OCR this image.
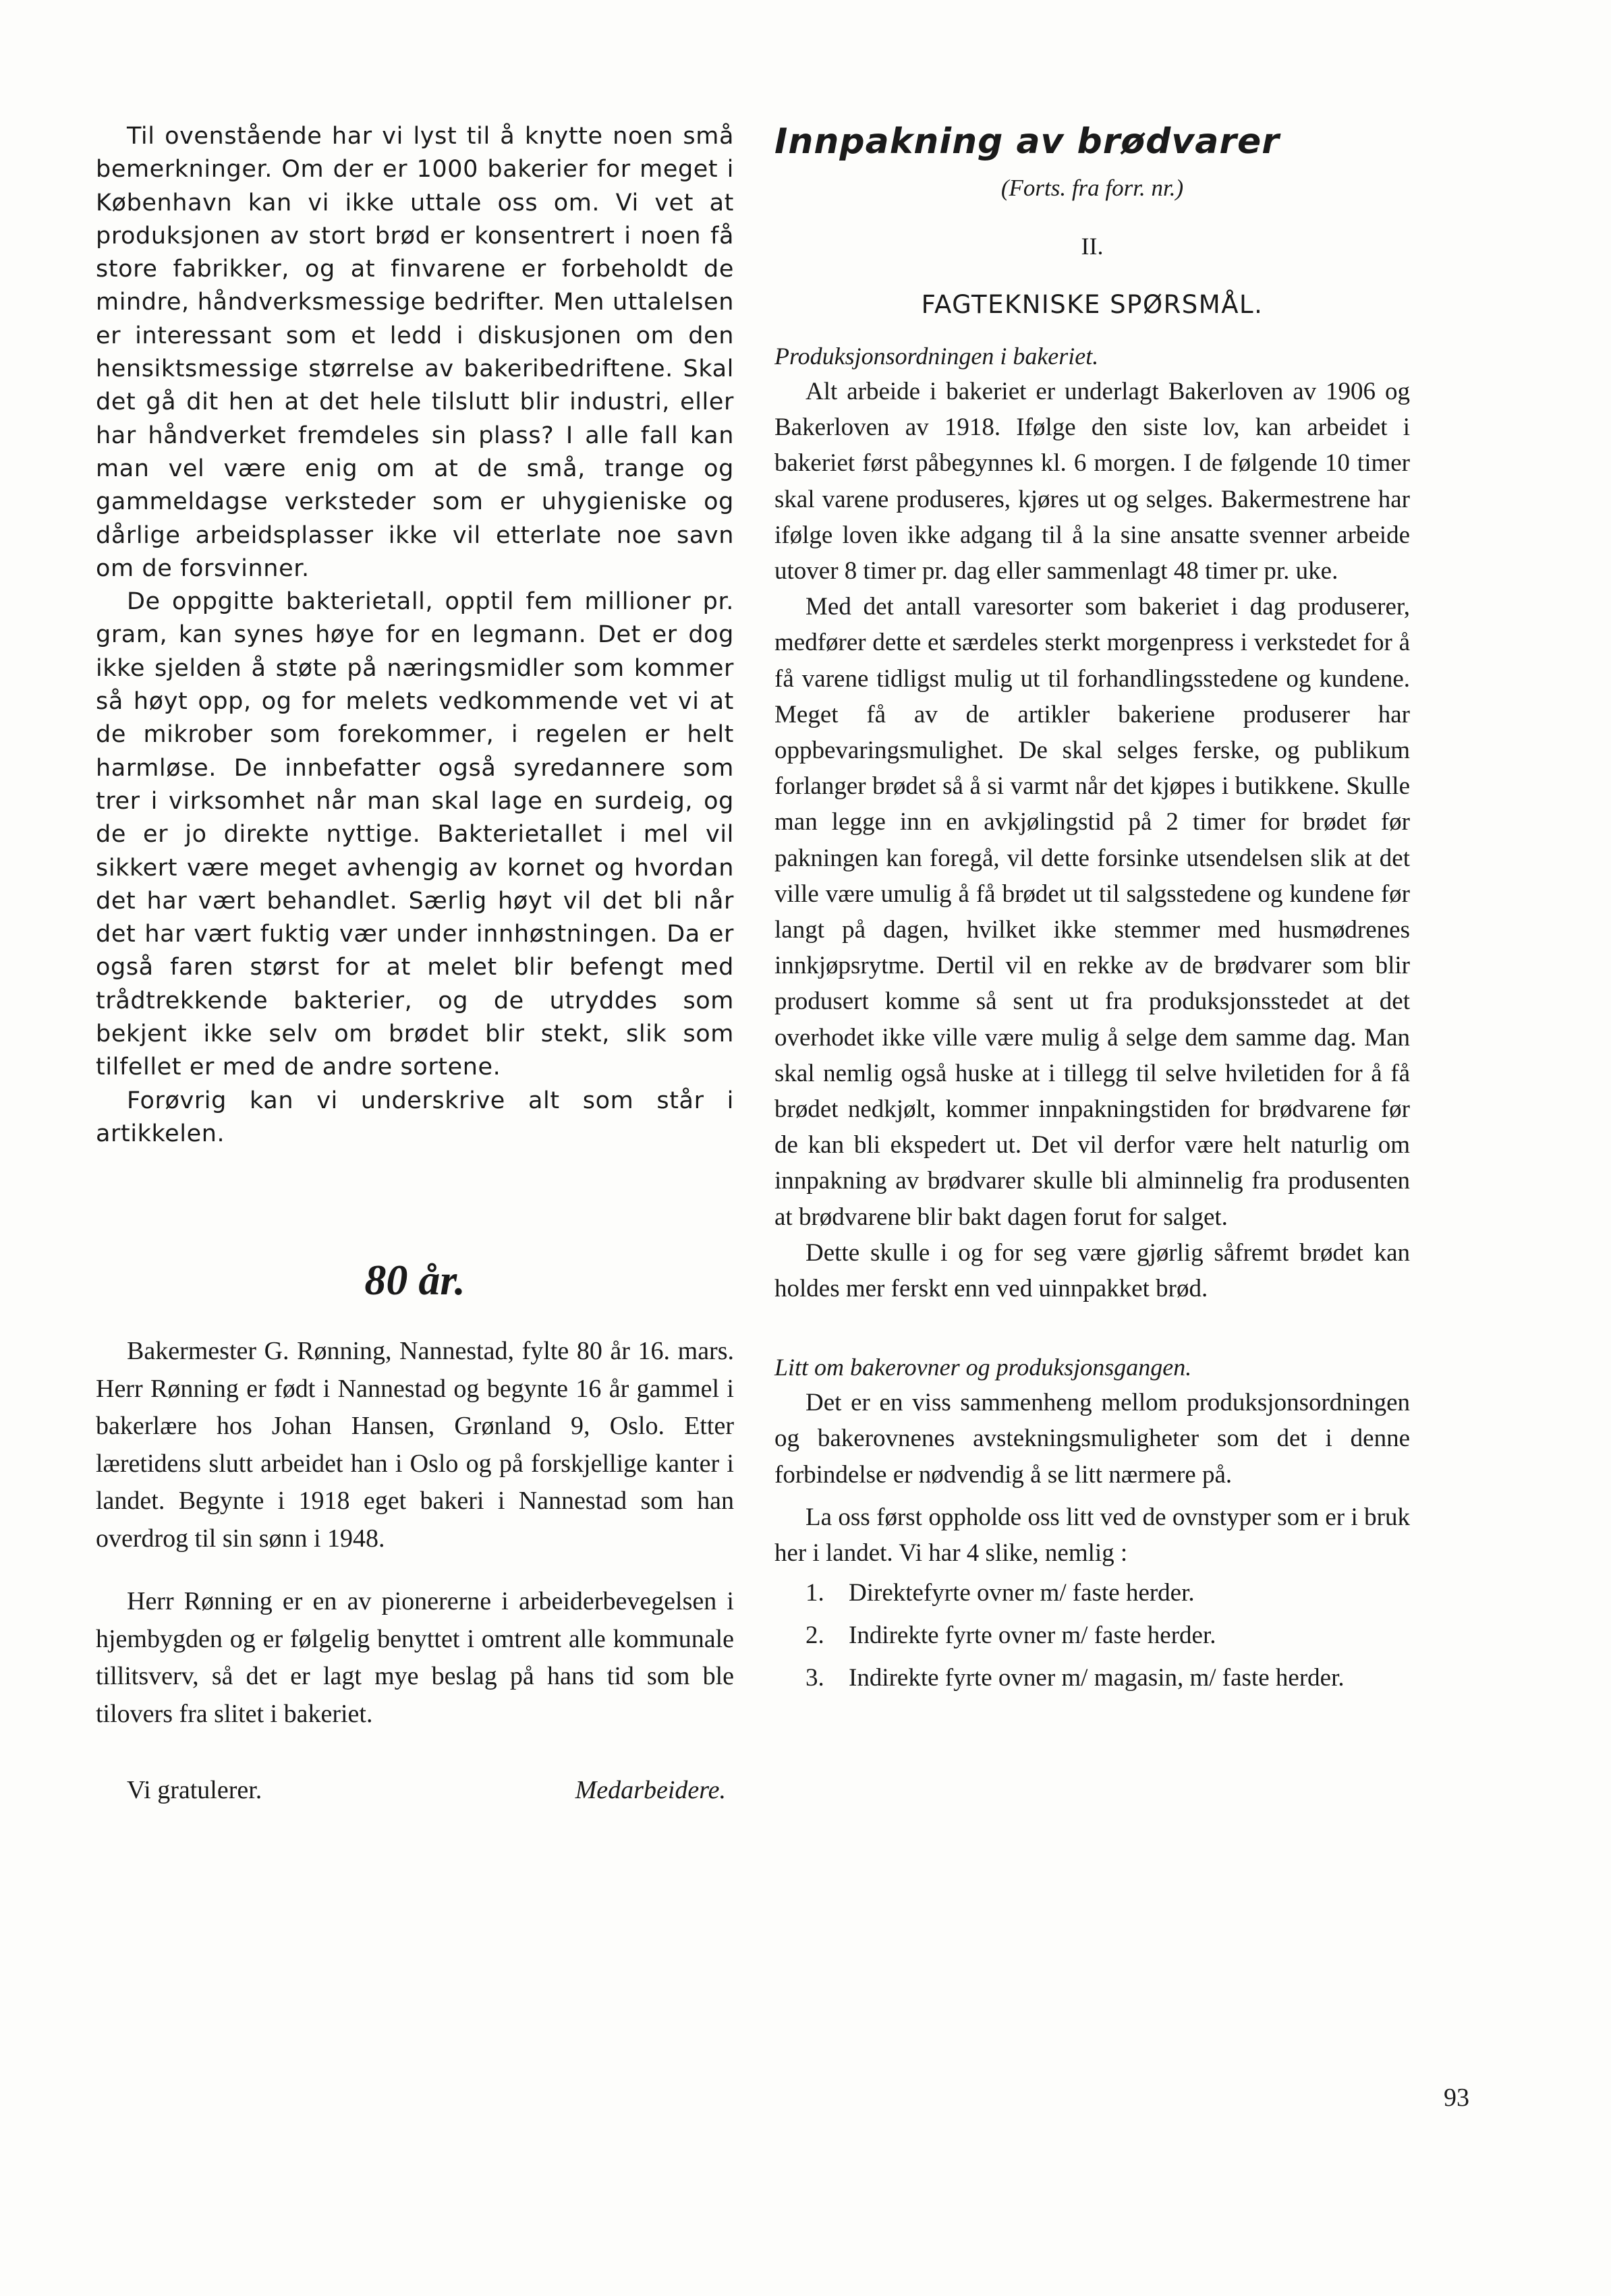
Til ovenstående har vi lyst til å knytte noen små bemerkninger. Om der er 1000 bakerier for meget i København kan vi ikke uttale oss om. Vi vet at produksjonen av stort brød er konsentrert i noen få store fabrikker, og at finvarene er forbeholdt de mindre, håndverksmessige bedrifter. Men uttalelsen er interessant som et ledd i diskusjonen om den hensiktsmessige størrelse av bakeribedriftene. Skal det gå dit hen at det hele tilslutt blir industri, eller har håndverket fremdeles sin plass? I alle fall kan man vel være enig om at de små, trange og gammeldagse verksteder som er uhygieniske og dårlige arbeidsplasser ikke vil etterlate noe savn om de forsvinner.

De oppgitte bakterietall, opptil fem millioner pr. gram, kan synes høye for en legmann. Det er dog ikke sjelden å støte på næringsmidler som kommer så høyt opp, og for melets vedkommende vet vi at de mikrober som forekommer, i regelen er helt harmløse. De innbefatter også syredannere som trer i virksomhet når man skal lage en surdeig, og de er jo direkte nyttige. Bakterietallet i mel vil sikkert være meget avhengig av kornet og hvordan det har vært behandlet. Særlig høyt vil det bli når det har vært fuktig vær under innhøstningen. Da er også faren størst for at melet blir befengt med trådtrekkende bakterier, og de utryddes som bekjent ikke selv om brødet blir stekt, slik som tilfellet er med de andre sortene.

Forøvrig kan vi underskrive alt som står i artikkelen.

80 år.

Bakermester G. Rønning, Nannestad, fylte 80 år 16. mars. Herr Rønning er født i Nannestad og begynte 16 år gammel i bakerlære hos Johan Hansen, Grønland 9, Oslo. Etter læretidens slutt arbeidet han i Oslo og på forskjellige kanter i landet. Begynte i 1918 eget bakeri i Nannestad som han overdrog til sin sønn i 1948.

Herr Rønning er en av pionererne i arbeiderbevegelsen i hjembygden og er følgelig benyttet i omtrent alle kommunale tillitsverv, så det er lagt mye beslag på hans tid som ble tilovers fra slitet i bakeriet.

Vi gratulerer.	Medarbeidere.
Innpakning av brødvarer
(Forts. fra forr. nr.)
II.
FAGTEKNISKE SPØRSMÅL.
Produksjonsordningen i bakeriet.

Alt arbeide i bakeriet er underlagt Bakerloven av 1906 og Bakerloven av 1918. Ifølge den siste lov, kan arbeidet i bakeriet først påbegynnes kl. 6 morgen. I de følgende 10 timer skal varene produseres, kjøres ut og selges. Bakermestrene har ifølge loven ikke adgang til å la sine ansatte svenner arbeide utover 8 timer pr. dag eller sammenlagt 48 timer pr. uke.

Med det antall varesorter som bakeriet i dag produserer, medfører dette et særdeles sterkt morgenpress i verkstedet for å få varene tidligst mulig ut til forhandlingsstedene og kundene. Meget få av de artikler bakeriene produserer har oppbevaringsmulighet. De skal selges ferske, og publikum forlanger brødet så å si varmt når det kjøpes i butikkene. Skulle man legge inn en avkjølingstid på 2 timer for brødet før pakningen kan foregå, vil dette forsinke utsendelsen slik at det ville være umulig å få brødet ut til salgsstedene og kundene før langt på dagen, hvilket ikke stemmer med husmødrenes innkjøpsrytme. Dertil vil en rekke av de brødvarer som blir produsert komme så sent ut fra produksjonsstedet at det overhodet ikke ville være mulig å selge dem samme dag. Man skal nemlig også huske at i tillegg til selve hviletiden for å få brødet nedkjølt, kommer innpakningstiden for brødvarene før de kan bli ekspedert ut. Det vil derfor være helt naturlig om innpakning av brødvarer skulle bli alminnelig fra produsenten at brødvarene blir bakt dagen forut for salget.

Dette skulle i og for seg være gjørlig såfremt brødet kan holdes mer ferskt enn ved uinnpakket brød.

Litt om bakerovner og produksjonsgangen.

Det er en viss sammenheng mellom produksjonsordningen og bakerovnenes avstekningsmuligheter som det i denne forbindelse er nødvendig å se litt nærmere på.

La oss først oppholde oss litt ved de ovnstyper som er i bruk her i landet. Vi har 4 slike, nemlig :

1. Direktefyrte ovner m/ faste herder.
2. Indirekte fyrte ovner m/ faste herder.
3. Indirekte fyrte ovner m/ magasin, m/ faste herder.
93
